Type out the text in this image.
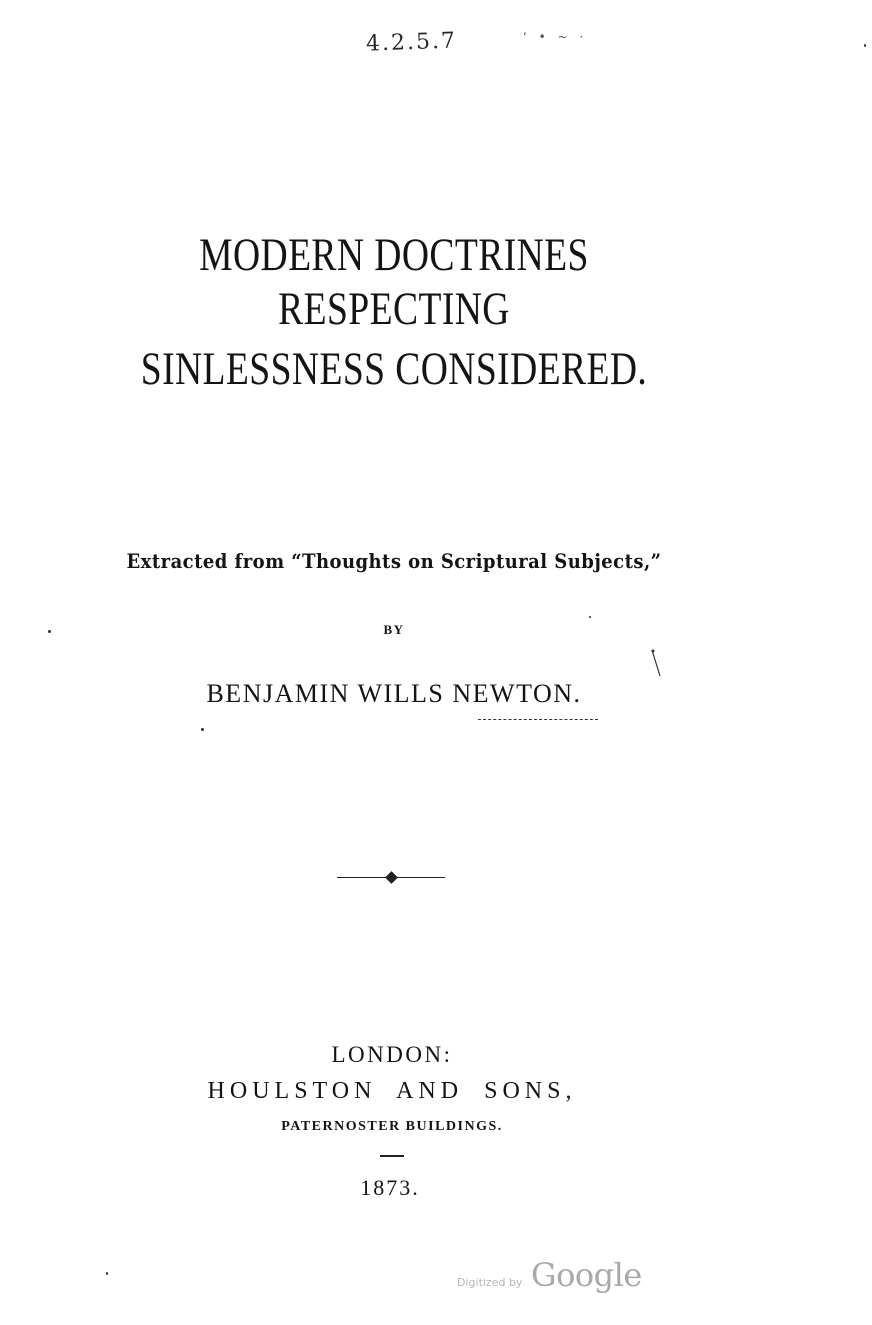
4.2.5.7	ʻ • ~ ·
MODERN DOCTRINES RESPECTING
SINLESSNESS CONSIDERED.
Extracted from “Thoughts on Scriptural Subjects,”
BY
BENJAMIN WILLS NEWTON.
LONDON:
HOULSTON AND SONS,
PATERNOSTER BUILDINGS.
1873.
Digitized by Google
